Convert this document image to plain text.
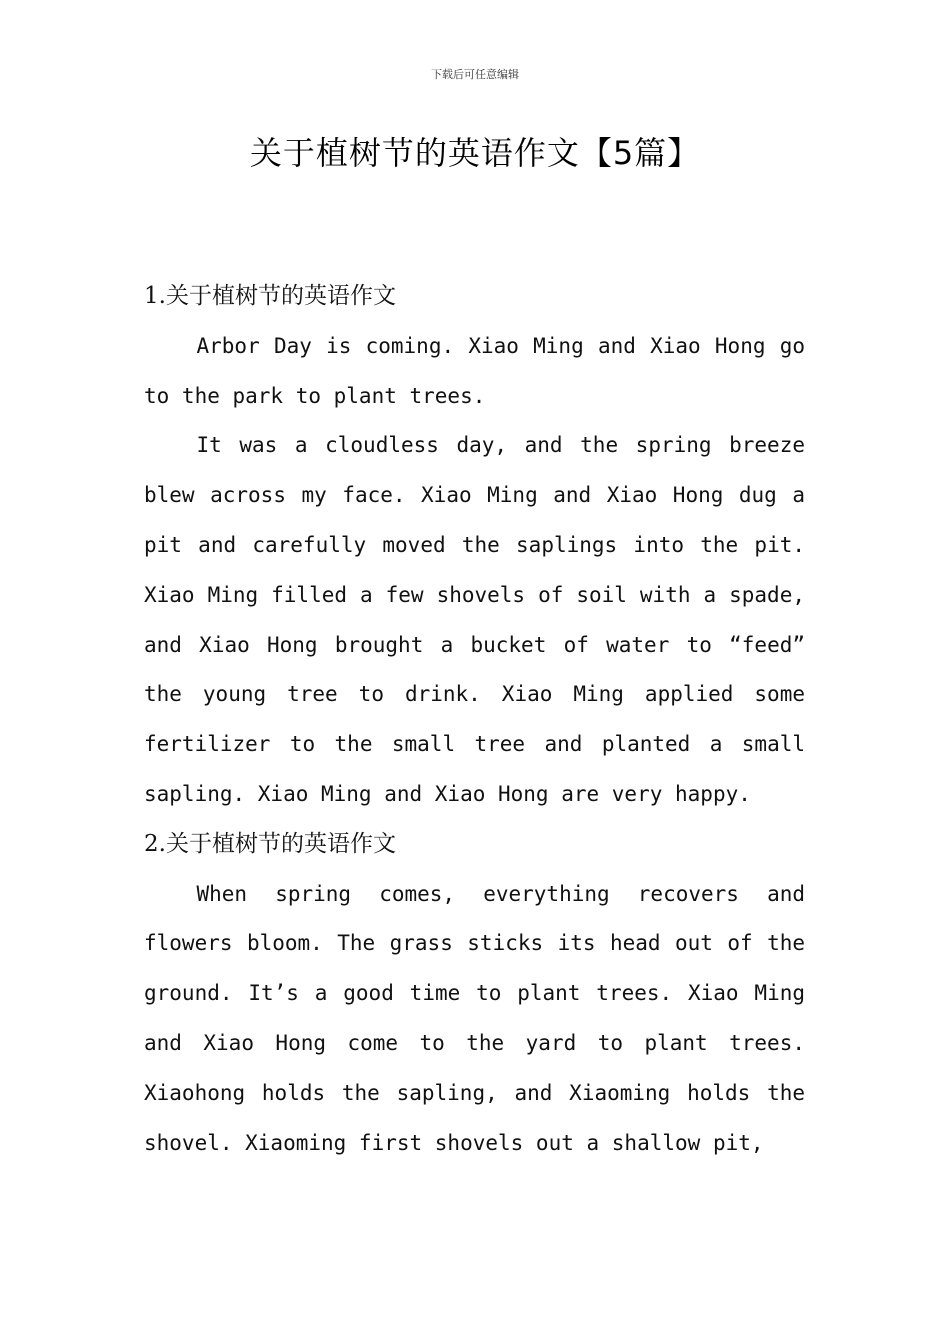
下载后可任意编辑
关于植树节的英语作文【5篇】

1.关于植树节的英语作文

Arbor Day is coming. Xiao Ming and Xiao Hong go to the park to plant trees.

It was a cloudless day, and the spring breeze blew across my face. Xiao Ming and Xiao Hong dug a pit and carefully moved the saplings into the pit. Xiao Ming filled a few shovels of soil with a spade, and Xiao Hong brought a bucket of water to “feed” the young tree to drink. Xiao Ming applied some fertilizer to the small tree and planted a small sapling. Xiao Ming and Xiao Hong are very happy.

2.关于植树节的英语作文

When spring comes, everything recovers and flowers bloom. The grass sticks its head out of the ground. It’s a good time to plant trees. Xiao Ming and Xiao Hong come to the yard to plant trees. Xiaohong holds the sapling, and Xiaoming holds the shovel. Xiaoming first shovels out a shallow pit,
